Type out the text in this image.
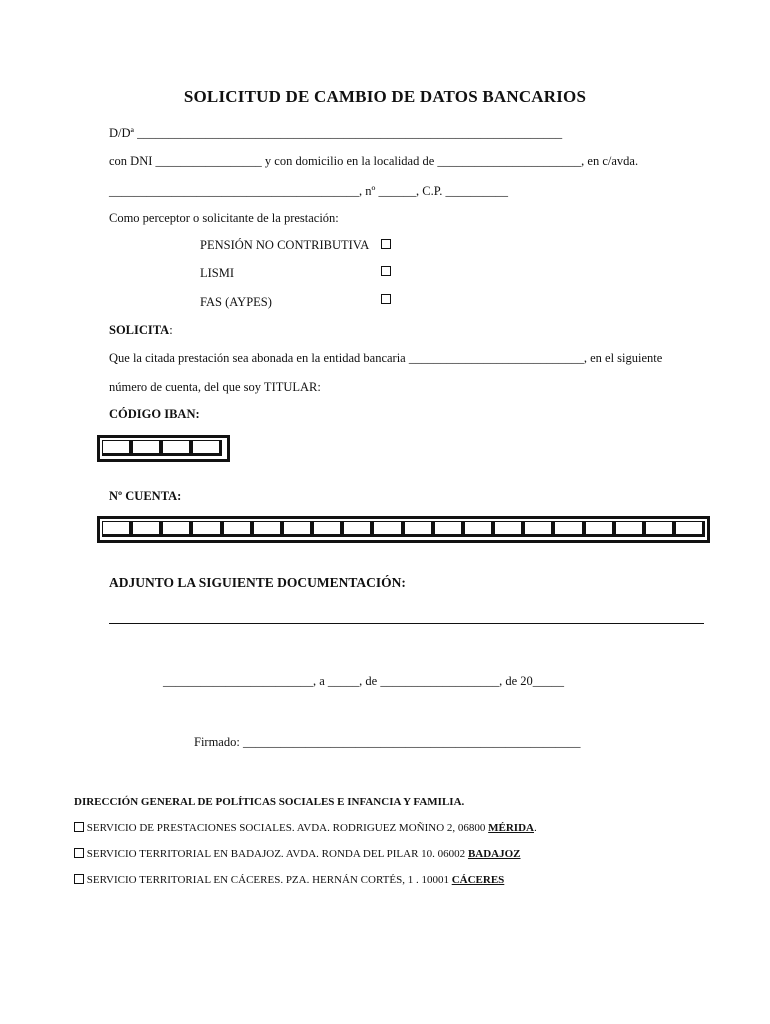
SOLICITUD DE CAMBIO DE DATOS BANCARIOS
D/Dª ____________________________________________________________________
con DNI _________________ y con domicilio en la localidad de _______________________, en c/avda.
________________________________________, nº ______, C.P. __________
Como perceptor o solicitante de la prestación:
PENSIÓN NO CONTRIBUTIVA
LISMI
FAS (AYPES)
SOLICITA:
Que la citada prestación sea abonada en la entidad bancaria ____________________________, en el siguiente
número de cuenta, del que soy TITULAR:
CÓDIGO IBAN:
Nº CUENTA:
ADJUNTO LA SIGUIENTE DOCUMENTACIÓN:
________________________, a _____, de ___________________, de 20_____
Firmado: ______________________________________________________
DIRECCIÓN GENERAL DE POLÍTICAS SOCIALES E INFANCIA Y FAMILIA.
SERVICIO DE PRESTACIONES SOCIALES. AVDA. RODRIGUEZ MOÑINO 2, 06800 MÉRIDA.
SERVICIO TERRITORIAL EN BADAJOZ. AVDA. RONDA DEL PILAR 10. 06002 BADAJOZ
SERVICIO TERRITORIAL EN CÁCERES. PZA. HERNÁN CORTÉS, 1 . 10001 CÁCERES
